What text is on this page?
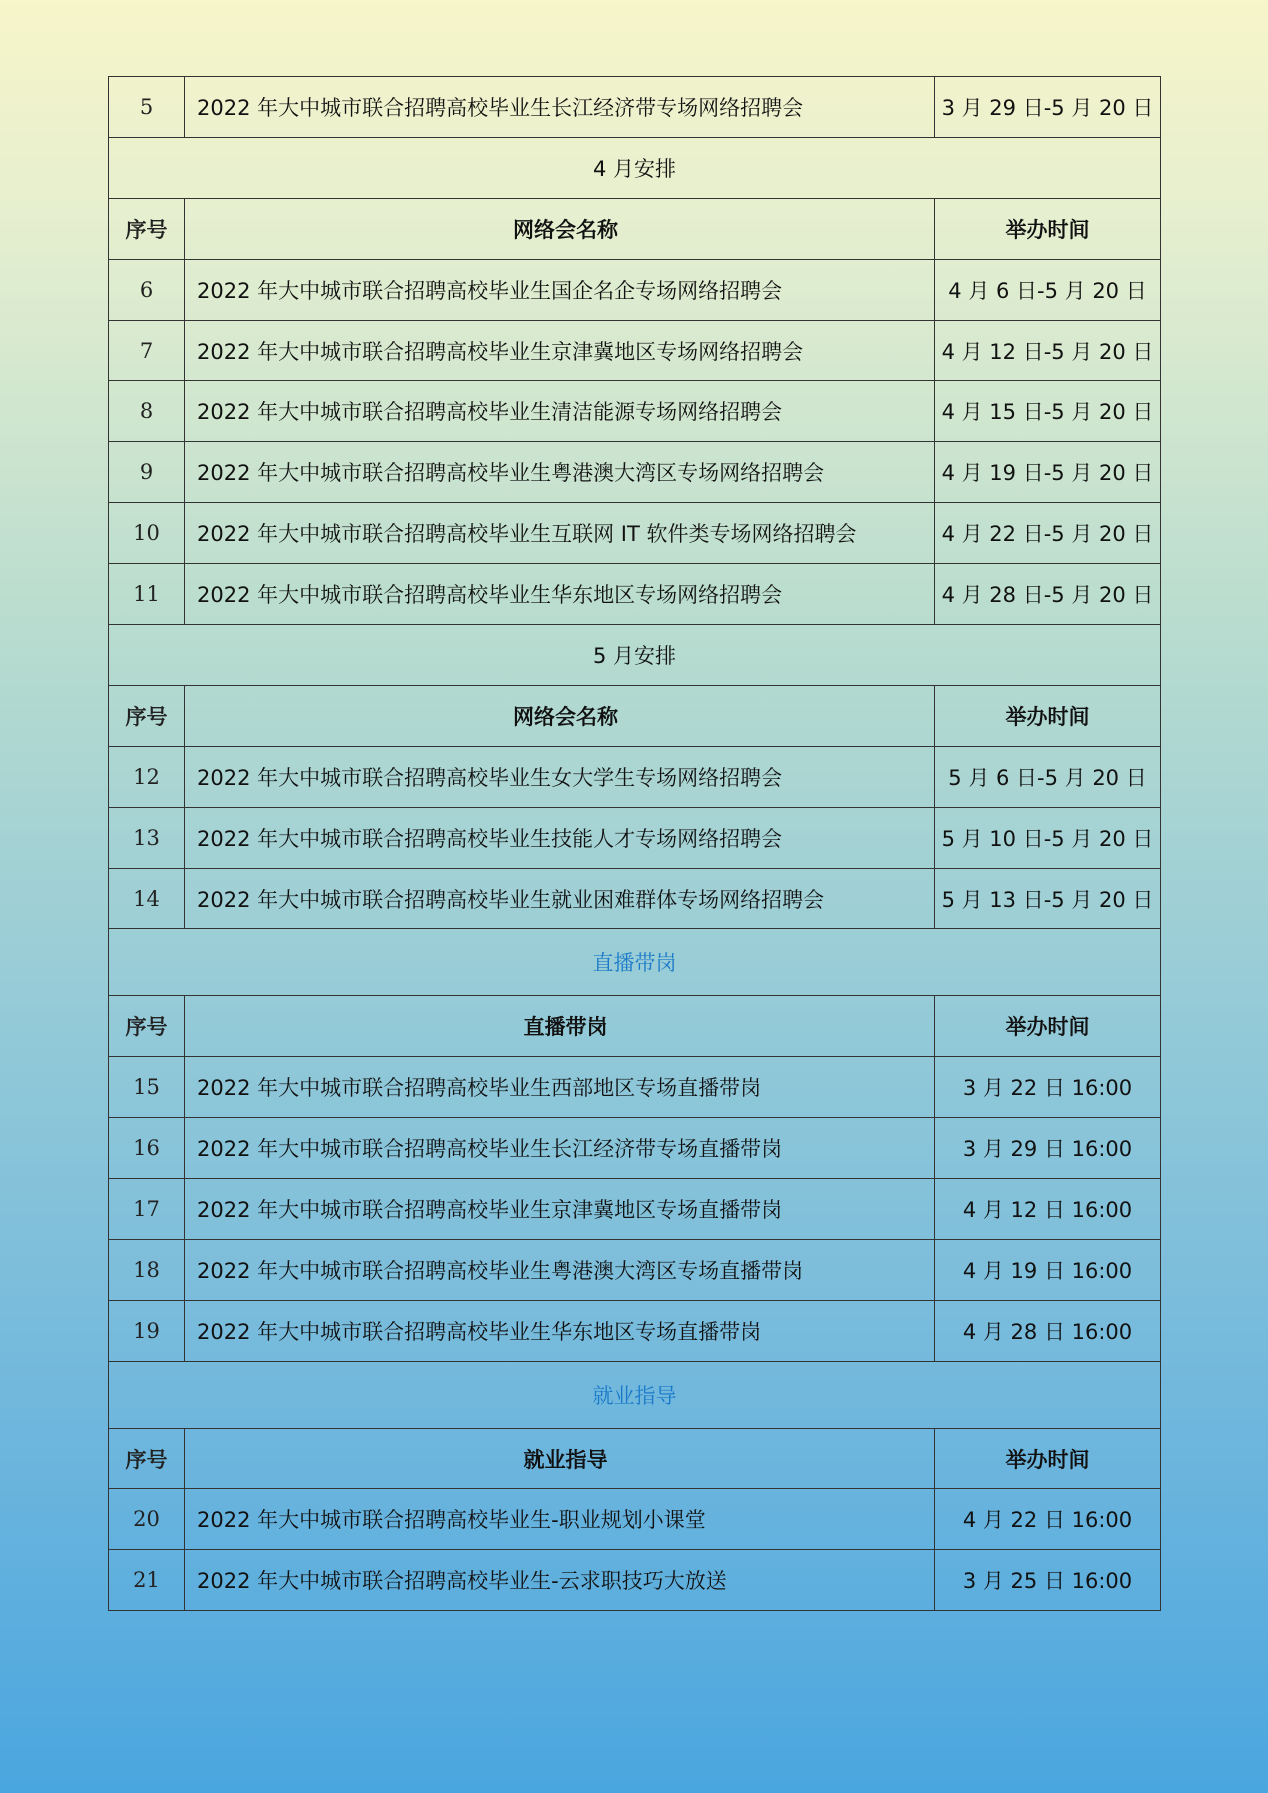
5	2022 年大中城市联合招聘高校毕业生长江经济带专场网络招聘会	3 月 29 日-5 月 20 日
4 月安排		
序号	网络会名称	举办时间
6	2022 年大中城市联合招聘高校毕业生国企名企专场网络招聘会	4 月 6 日-5 月 20 日
7	2022 年大中城市联合招聘高校毕业生京津冀地区专场网络招聘会	4 月 12 日-5 月 20 日
8	2022 年大中城市联合招聘高校毕业生清洁能源专场网络招聘会	4 月 15 日-5 月 20 日
9	2022 年大中城市联合招聘高校毕业生粤港澳大湾区专场网络招聘会	4 月 19 日-5 月 20 日
10	2022 年大中城市联合招聘高校毕业生互联网 IT 软件类专场网络招聘会	4 月 22 日-5 月 20 日
11	2022 年大中城市联合招聘高校毕业生华东地区专场网络招聘会	4 月 28 日-5 月 20 日
5 月安排		
序号	网络会名称	举办时间
12	2022 年大中城市联合招聘高校毕业生女大学生专场网络招聘会	5 月 6 日-5 月 20 日
13	2022 年大中城市联合招聘高校毕业生技能人才专场网络招聘会	5 月 10 日-5 月 20 日
14	2022 年大中城市联合招聘高校毕业生就业困难群体专场网络招聘会	5 月 13 日-5 月 20 日
直播带岗		
序号	直播带岗	举办时间
15	2022 年大中城市联合招聘高校毕业生西部地区专场直播带岗	3 月 22 日 16:00
16	2022 年大中城市联合招聘高校毕业生长江经济带专场直播带岗	3 月 29 日 16:00
17	2022 年大中城市联合招聘高校毕业生京津冀地区专场直播带岗	4 月 12 日 16:00
18	2022 年大中城市联合招聘高校毕业生粤港澳大湾区专场直播带岗	4 月 19 日 16:00
19	2022 年大中城市联合招聘高校毕业生华东地区专场直播带岗	4 月 28 日 16:00
就业指导		
序号	就业指导	举办时间
20	2022 年大中城市联合招聘高校毕业生-职业规划小课堂	4 月 22 日 16:00
21	2022 年大中城市联合招聘高校毕业生-云求职技巧大放送	3 月 25 日 16:00
